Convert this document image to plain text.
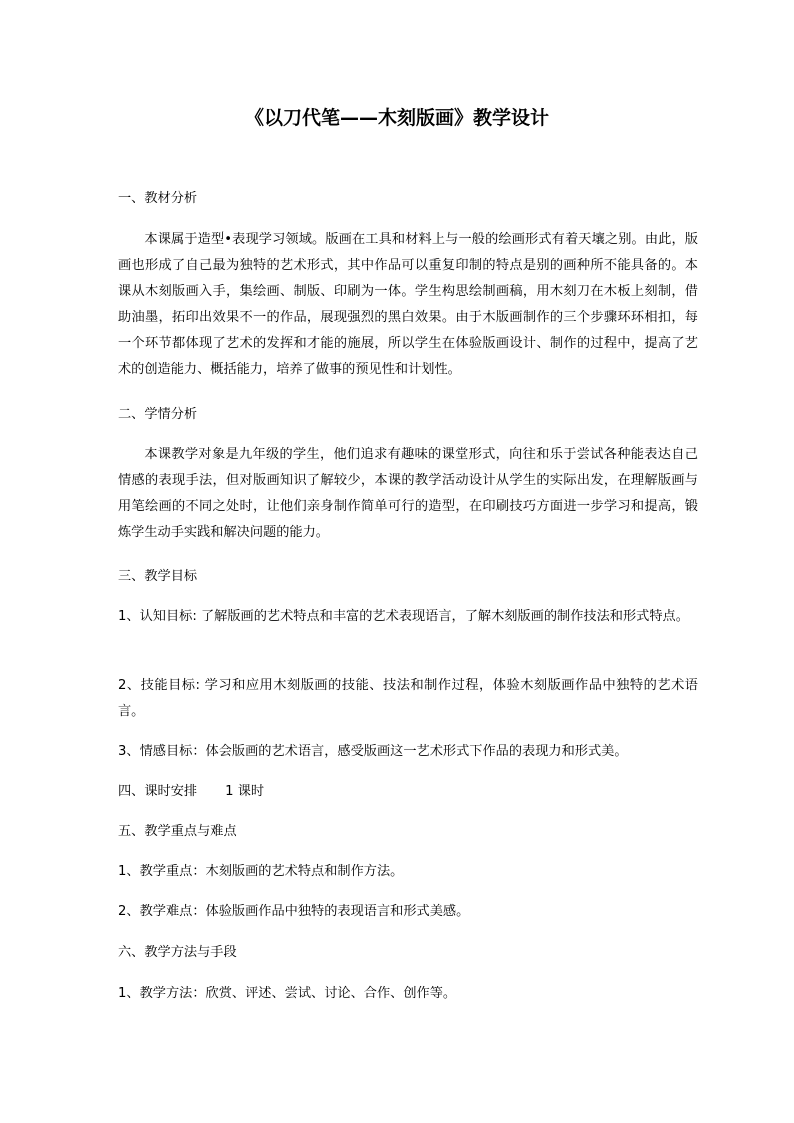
《以刀代笔——木刻版画》教学设计
一、教材分析
本课属于造型•表现学习领域。版画在工具和材料上与一般的绘画形式有着天壤之别。由此，版画也形成了自己最为独特的艺术形式，其中作品可以重复印制的特点是别的画种所不能具备的。本课从木刻版画入手，集绘画、制版、印刷为一体。学生构思绘制画稿，用木刻刀在木板上刻制，借助油墨，拓印出效果不一的作品，展现强烈的黑白效果。由于木版画制作的三个步骤环环相扣，每一个环节都体现了艺术的发挥和才能的施展，所以学生在体验版画设计、制作的过程中，提高了艺术的创造能力、概括能力，培养了做事的预见性和计划性。
二、学情分析
本课教学对象是九年级的学生，他们追求有趣味的课堂形式，向往和乐于尝试各种能表达自己情感的表现手法，但对版画知识了解较少，本课的教学活动设计从学生的实际出发，在理解版画与用笔绘画的不同之处时，让他们亲身制作简单可行的造型，在印刷技巧方面进一步学习和提高，锻炼学生动手实践和解决问题的能力。
三、教学目标
1、认知目标: 了解版画的艺术特点和丰富的艺术表现语言，了解木刻版画的制作技法和形式特点。
2、技能目标: 学习和应用木刻版画的技能、技法和制作过程，体验木刻版画作品中独特的艺术语言。
3、情感目标：体会版画的艺术语言，感受版画这一艺术形式下作品的表现力和形式美。
四、课时安排 1 课时
五、教学重点与难点
1、教学重点：木刻版画的艺术特点和制作方法。
2、教学难点：体验版画作品中独特的表现语言和形式美感。
六、教学方法与手段
1、教学方法：欣赏、评述、尝试、讨论、合作、创作等。
